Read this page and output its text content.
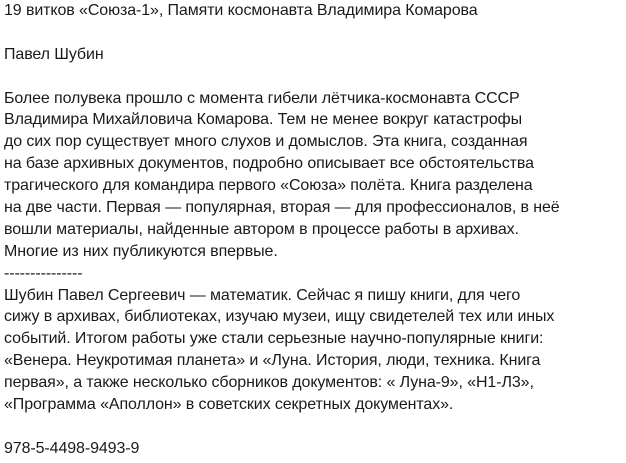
19 витков «Союза-1», Памяти космонавта Владимира Комарова
Павел Шубин
Более полувека прошло с момента гибели лётчика-космонавта СССР
Владимира Михайловича Комарова. Тем не менее вокруг катастрофы
до сих пор существует много слухов и домыслов. Эта книга, созданная
на базе архивных документов, подробно описывает все обстоятельства
трагического для командира первого «Союза» полёта. Книга разделена
на две части. Первая — популярная, вторая — для профессионалов, в неё
вошли материалы, найденные автором в процессе работы в архивах.
Многие из них публикуются впервые.
---------------
Шубин Павел Сергеевич — математик. Сейчас я пишу книги, для чего
сижу в архивах, библиотеках, изучаю музеи, ищу свидетелей тех или иных
событий. Итогом работы уже стали серьезные научно-популярные книги:
«Венера. Неукротимая планета» и «Луна. История, люди, техника. Книга
первая», а также несколько сборников документов: « Луна-9», «Н1-Л3»,
«Программа «Аполлон» в советских секретных документах».
978-5-4498-9493-9
